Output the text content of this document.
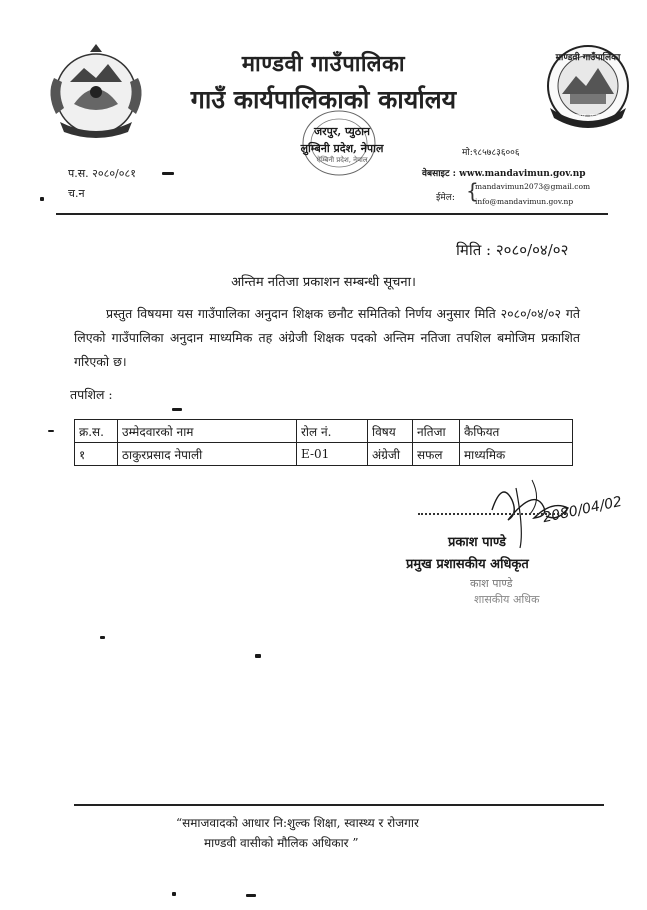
माण्डवी गाउँपालिका
गाउँ कार्यपालिकाको कार्यालय
जरपुर, प्युठान
लुम्बिनी प्रदेश, नेपाल
ऐम्बिनी प्रदेश, नेपाल
माण्डवी गाउँपालिका
जरपुर, प्युठान
प.स. २०८०/०८१
च.न
मो:९८५७८३६००६
वेबसाइट : www.mandavimun.gov.np
ईमेल: {
mandavimun2073@gmail.com
info@mandavimun.gov.np
मिति : २०८०/०४/०२
अन्तिम नतिजा प्रकाशन सम्बन्धी सूचना।
प्रस्तुत विषयमा यस गाउँपालिका अनुदान शिक्षक छनौट समितिको निर्णय अनुसार मिति २०८०/०४/०२ गते लिएको गाउँपालिका अनुदान माध्यमिक तह अंग्रेजी शिक्षक पदको अन्तिम नतिजा तपशिल बमोजिम प्रकाशित गरिएको छ।
तपशिल :
क्र.स.	उम्मेदवारको नाम	रोल नं.	विषय	नतिजा	कैफियत
१	ठाकुरप्रसाद नेपाली	E-01	अंग्रेजी	सफल	माध्यमिक
2080/04/02
प्रकाश पाण्डे
प्रमुख प्रशासकीय अधिकृत
काश पाण्डे
शासकीय अधिक
“समाजवादको आधार नि:शुल्क शिक्षा, स्वास्थ्य र रोजगार
माण्डवी वासीको मौलिक अधिकार ”
